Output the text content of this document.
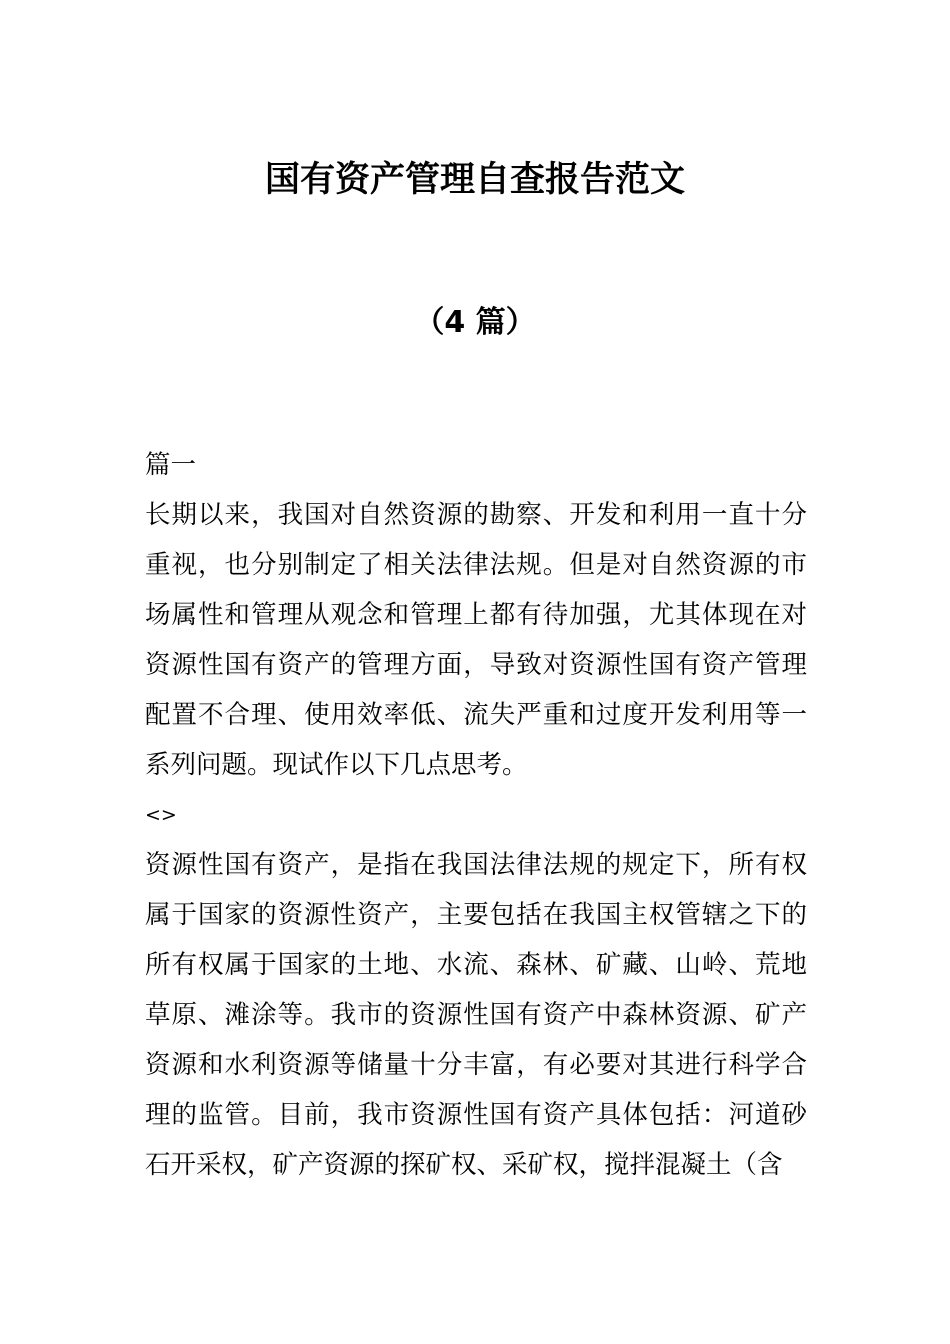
国有资产管理自查报告范文
（4 篇）

篇一

长期以来，我国对自然资源的勘察、开发和利用一直十分重视，也分别制定了相关法律法规。但是对自然资源的市场属性和管理从观念和管理上都有待加强，尤其体现在对资源性国有资产的管理方面，导致对资源性国有资产管理配置不合理、使用效率低、流失严重和过度开发利用等一系列问题。现试作以下几点思考。

<>

资源性国有资产，是指在我国法律法规的规定下，所有权属于国家的资源性资产，主要包括在我国主权管辖之下的所有权属于国家的土地、水流、森林、矿藏、山岭、荒地草原、滩涂等。我市的资源性国有资产中森林资源、矿产资源和水利资源等储量十分丰富，有必要对其进行科学合理的监管。目前，我市资源性国有资产具体包括：河道砂石开采权，矿产资源的探矿权、采矿权，搅拌混凝土（含
